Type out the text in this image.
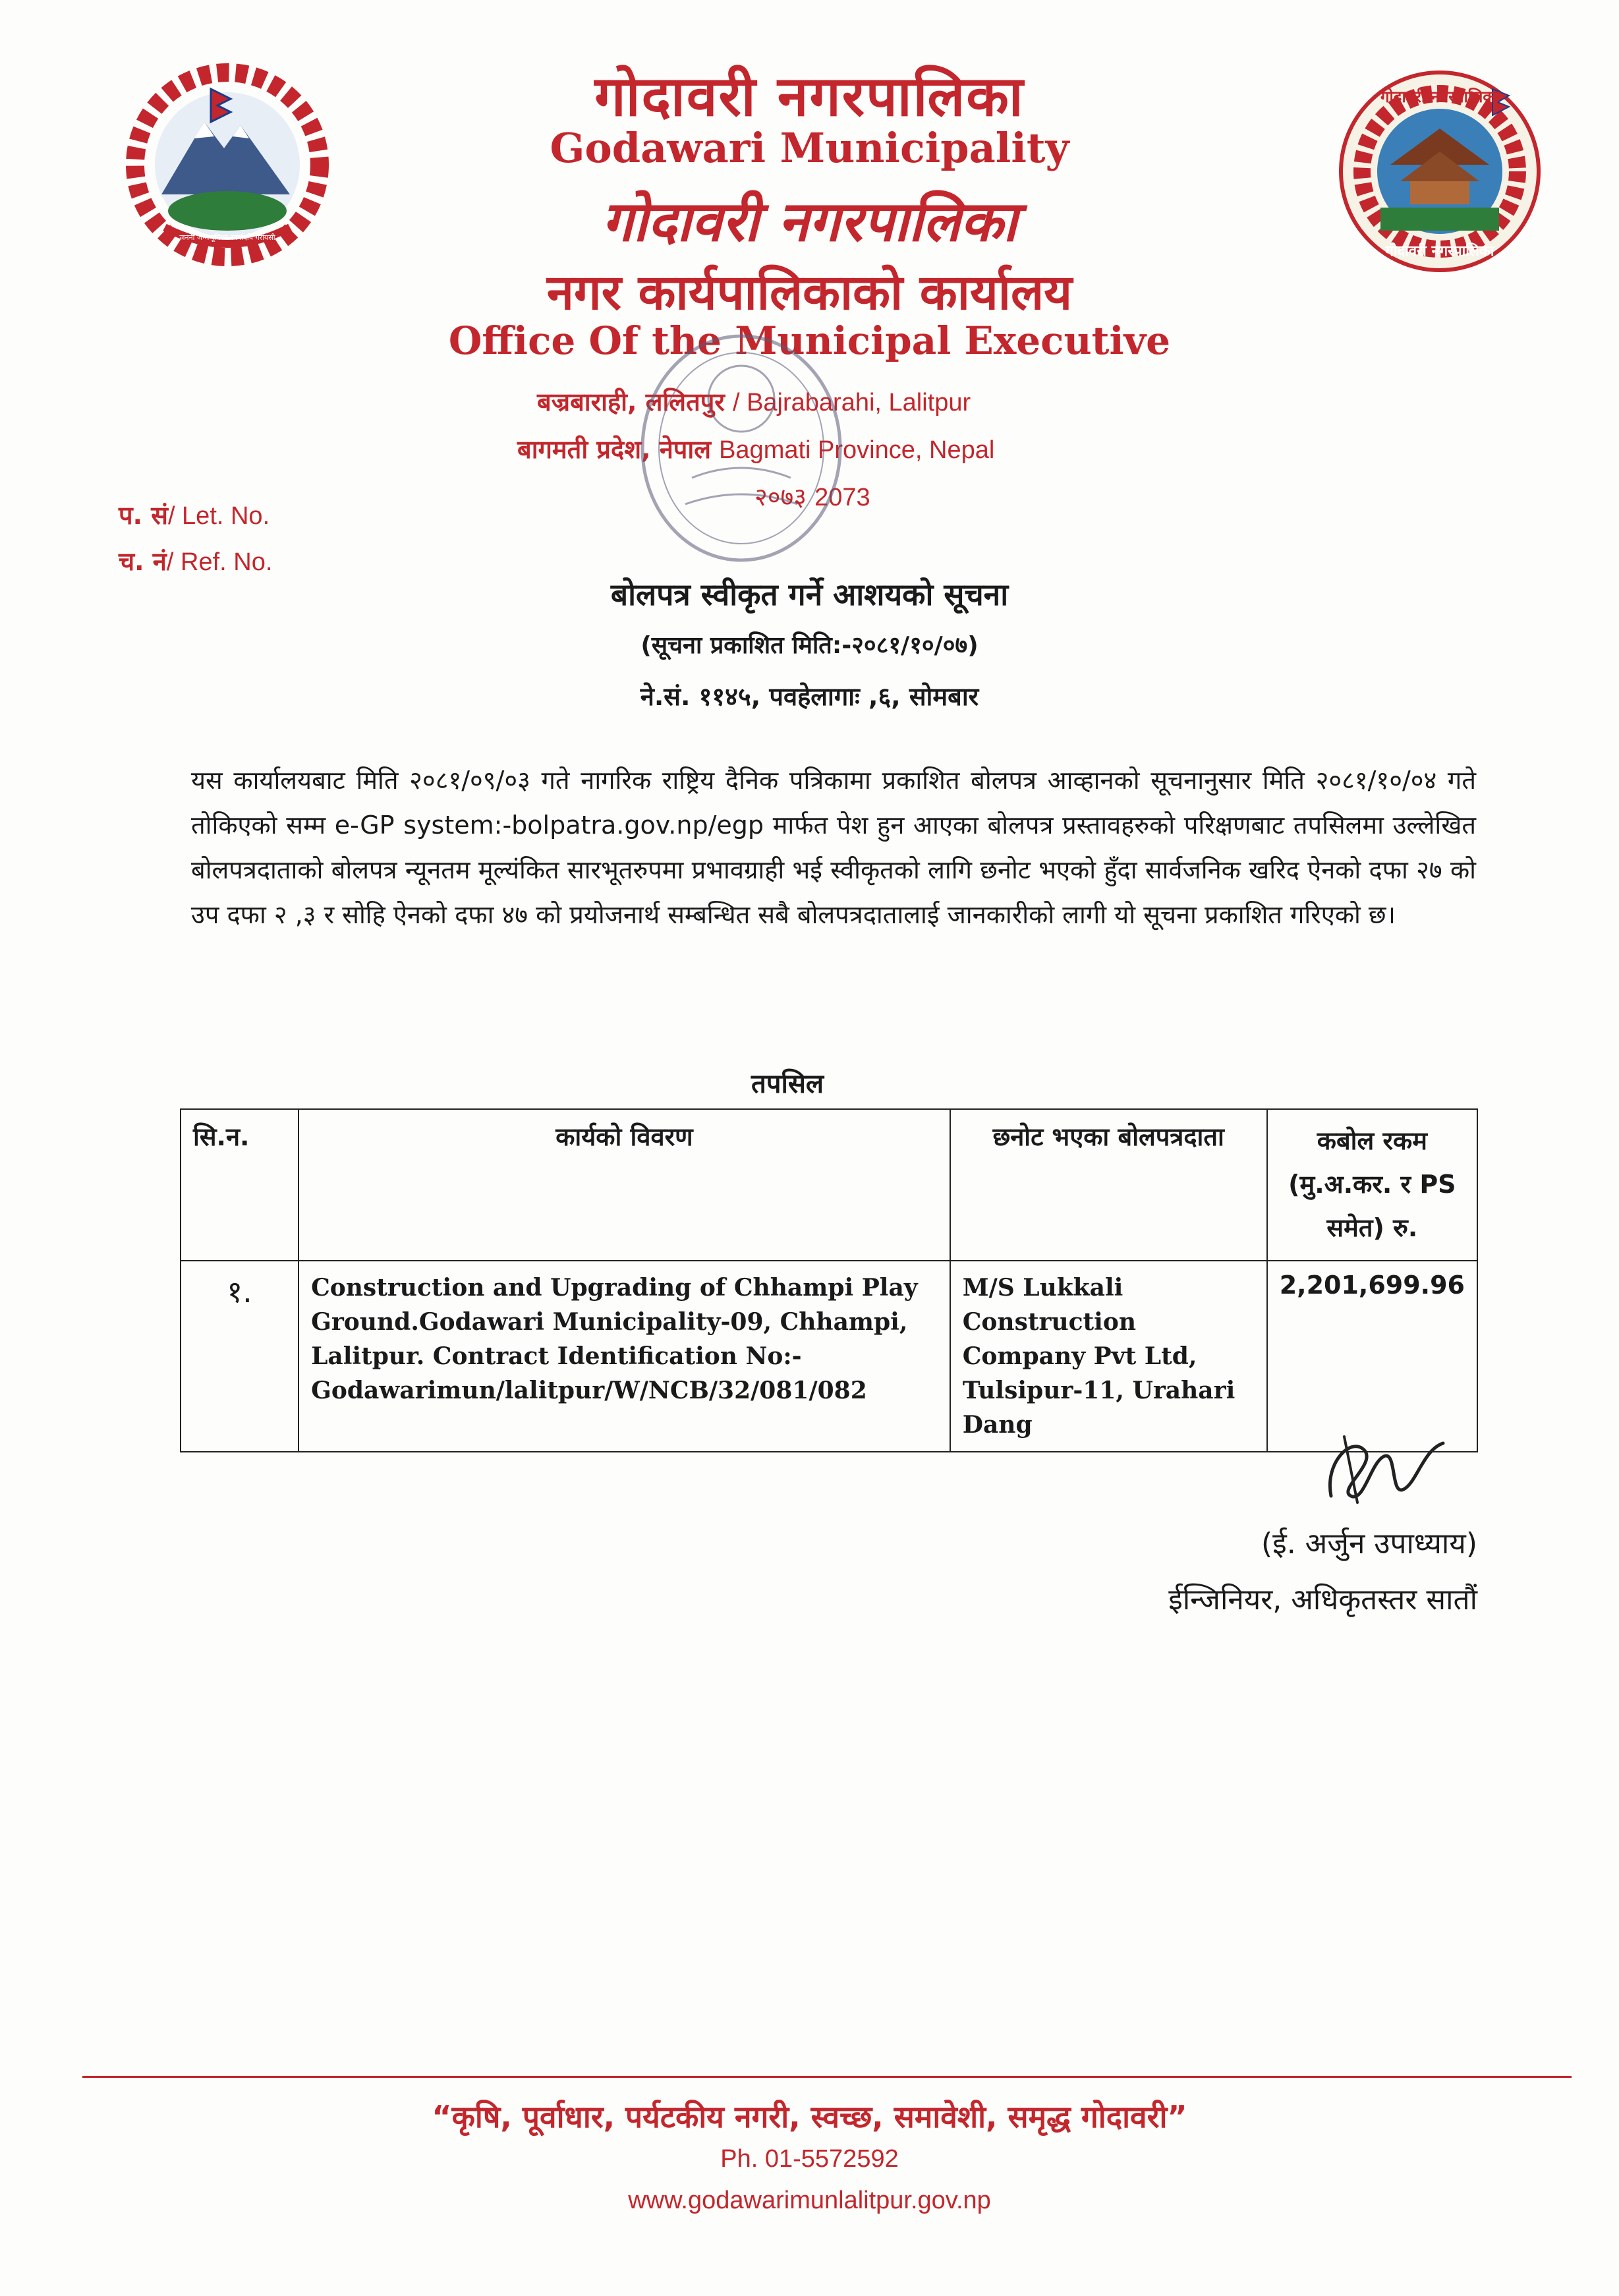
जननी जन्मभूमिश्च स्वर्गादपि गरीयसी
गोदावरी नगरपालिका
गोदावरी नगरपालिका
गोदावरी नगरपालिका
Godawari Municipality
गोदावरी नगरपालिका
नगर कार्यपालिकाको कार्यालय
Office Of the Municipal Executive
बज्रबाराही, ललितपुर / Bajrabarahi, Lalitpur
बागमती प्रदेश, नेपाल Bagmati Province, Nepal
२०७३ 2073
प. सं/ Let. No.
च. नं/ Ref. No.
बोलपत्र स्वीकृत गर्ने आशयको सूचना
(सूचना प्रकाशित मिति:-२०८१/१०/०७)
ने.सं. ११४५, पवहेलागाः ,६, सोमबार
यस कार्यालयबाट मिति २०८१/०९/०३ गते नागरिक राष्ट्रिय दैनिक पत्रिकामा प्रकाशित बोलपत्र आव्हानको सूचनानुसार मिति २०८१/१०/०४ गते तोकिएको सम्म e-GP system:-bolpatra.gov.np/egp मार्फत पेश हुन आएका बोलपत्र प्रस्तावहरुको परिक्षणबाट तपसिलमा उल्लेखित बोलपत्रदाताको बोलपत्र न्यूनतम मूल्यंकित सारभूतरुपमा प्रभावग्राही भई स्वीकृतको लागि छनोट भएको हुँदा सार्वजनिक खरिद ऐनको दफा २७ को उप दफा २ ,३ र सोहि ऐनको दफा ४७ को प्रयोजनार्थ सम्बन्धित सबै बोलपत्रदातालाई जानकारीको लागी यो सूचना प्रकाशित गरिएको छ।
तपसिल
सि.न.	कार्यको विवरण	छनोट भएका बोलपत्रदाता	कबोल रकम (मु.अ.कर. र PS समेत) रु.
१.	Construction and Upgrading of Chhampi Play Ground.Godawari Municipality-09, Chhampi, Lalitpur. Contract Identification No:- Godawarimun/lalitpur/W/NCB/32/081/082	M/S Lukkali Construction Company Pvt Ltd, Tulsipur-11, Urahari Dang	2,201,699.96
(ई. अर्जुन उपाध्याय)
ईन्जिनियर, अधिकृतस्तर सातौं
“कृषि, पूर्वाधार, पर्यटकीय नगरी, स्वच्छ, समावेशी, समृद्ध गोदावरी”
Ph. 01-5572592
www.godawarimunlalitpur.gov.np
